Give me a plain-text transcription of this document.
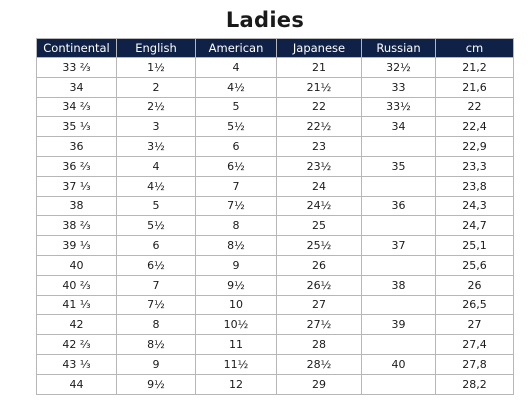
Ladies
Continental	English	American	Japanese	Russian	cm
33 ²⁄₃	1½	4	21	32½	21,2
34	2	4½	21½	33	21,6
34 ²⁄₃	2½	5	22	33½	22
35 ¹⁄₃	3	5½	22½	34	22,4
36	3½	6	23		22,9
36 ²⁄₃	4	6½	23½	35	23,3
37 ¹⁄₃	4½	7	24		23,8
38	5	7½	24½	36	24,3
38 ²⁄₃	5½	8	25		24,7
39 ¹⁄₃	6	8½	25½	37	25,1
40	6½	9	26		25,6
40 ²⁄₃	7	9½	26½	38	26
41 ¹⁄₃	7½	10	27		26,5
42	8	10½	27½	39	27
42 ²⁄₃	8½	11	28		27,4
43 ¹⁄₃	9	11½	28½	40	27,8
44	9½	12	29		28,2
